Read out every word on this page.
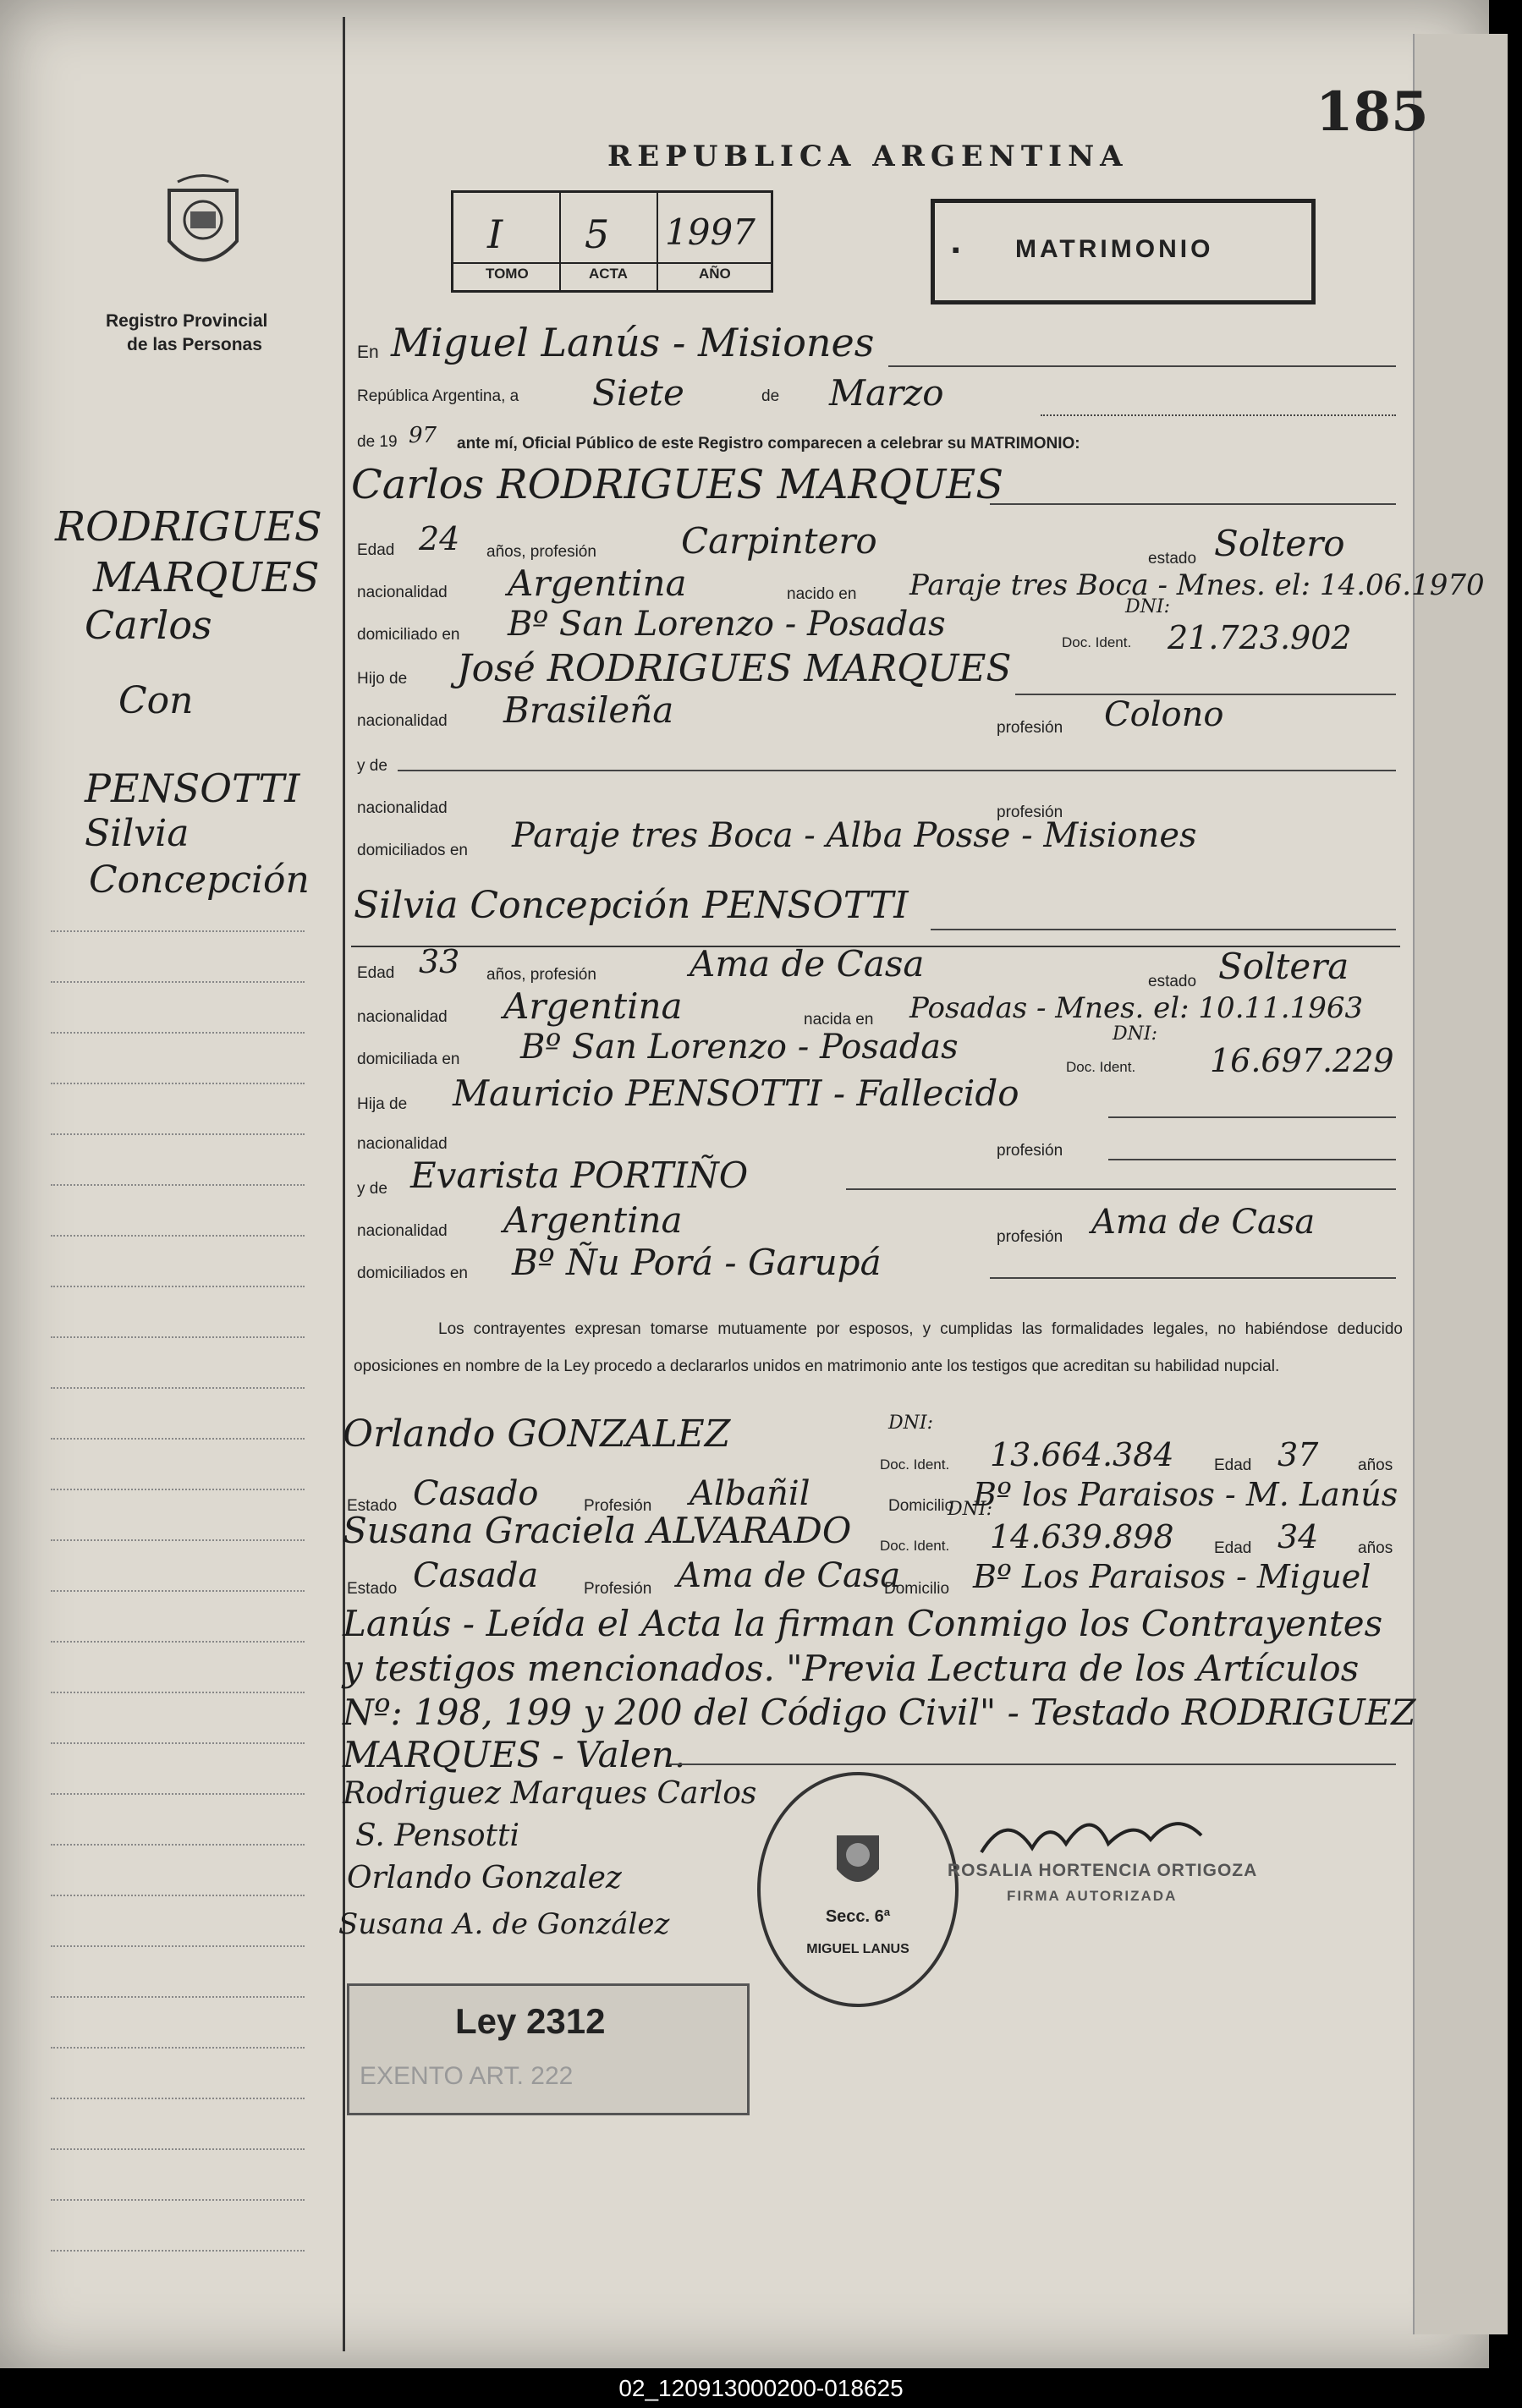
Registro Provincial
de las Personas
RODRIGUES
MARQUES
Carlos
Con
PENSOTTI
Silvia
Concepción
185
REPUBLICA ARGENTINA
I 5 1997
TOMO	ACTA	AÑO
▪ MATRIMONIO
En Miguel Lanús - Misiones
República Argentina, a Siete	de Marzo
de 19 97 ante mí, Oficial Público de este Registro comparecen a celebrar su MATRIMONIO:
Carlos RODRIGUES MARQUES
Edad 24 años, profesión Carpintero	estado Soltero
nacionalidad Argentina	nacido en Paraje tres Boca - Mnes. el: 14.06.1970
domiciliado en Bº San Lorenzo - Posadas	DNI:
Doc. Ident. 21.723.902
Hijo de José RODRIGUES MARQUES
nacionalidad Brasileña	profesión Colono
y de
nacionalidad	profesión
domiciliados en Paraje tres Boca - Alba Posse - Misiones
Silvia Concepción PENSOTTI
Edad 33 años, profesión	Ama de Casa	estado Soltera
nacionalidad Argentina	nacida en Posadas - Mnes. el: 10.11.1963
domiciliada en Bº San Lorenzo - Posadas	DNI:
Doc. Ident. 16.697.229
Hija de Mauricio PENSOTTI - Fallecido
nacionalidad	profesión
y de Evarista PORTIÑO
nacionalidad Argentina	profesión Ama de Casa
domiciliados en Bº Ñu Porá - Garupá
Los contrayentes expresan tomarse mutuamente por esposos, y cumplidas las formalidades legales, no habiéndose deducido oposiciones en nombre de la Ley procedo a declararlos unidos en matrimonio ante los testigos que acreditan su habilidad nupcial.
Orlando GONZALEZ	DNI:
Doc. Ident. 13.664.384 Edad 37 años
Estado Casado	Profesión Albañil	Domicilio Bº los Paraisos - M. Lanús
Susana Graciela ALVARADO
DNI:
Doc. Ident. 14.639.898 Edad 34 años
Estado Casada	Profesión Ama de Casa
Domicilio Bº Los Paraisos - Miguel
Lanús - Leída el Acta la firman Conmigo los Contrayentes
y testigos mencionados. "Previa Lectura de los Artículos
Nº: 198, 199 y 200 del Código Civil" - Testado RODRIGUEZ
MARQUES - Valen.
Rodriguez Marques Carlos
S. Pensotti
Orlando Gonzalez
Susana A. de González	Secc. 6ª
MIGUEL LANUS
ROSALIA HORTENCIA ORTIGOZA
FIRMA AUTORIZADA
Ley 2312
EXENTO ART. 222
02_120913000200-018625
